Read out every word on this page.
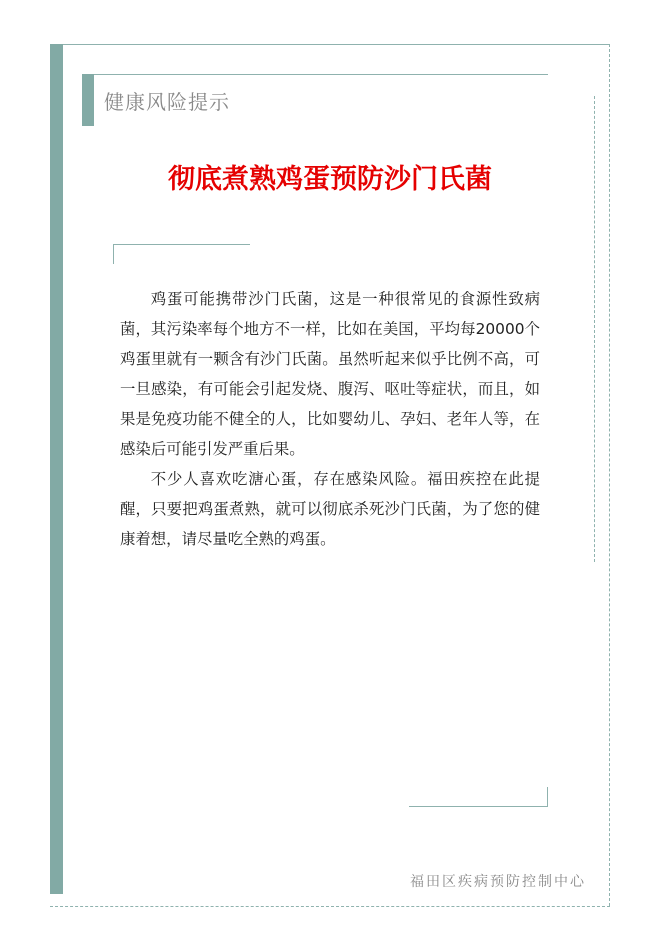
健康风险提示
彻底煮熟鸡蛋预防沙门氏菌

鸡蛋可能携带沙门氏菌，这是一种很常见的食源性致病菌，其污染率每个地方不一样，比如在美国，平均每20000个鸡蛋里就有一颗含有沙门氏菌。虽然听起来似乎比例不高，可一旦感染，有可能会引起发烧、腹泻、呕吐等症状，而且，如果是免疫功能不健全的人，比如婴幼儿、孕妇、老年人等，在感染后可能引发严重后果。

不少人喜欢吃溏心蛋，存在感染风险。福田疾控在此提醒，只要把鸡蛋煮熟，就可以彻底杀死沙门氏菌，为了您的健康着想，请尽量吃全熟的鸡蛋。

福田区疾病预防控制中心
